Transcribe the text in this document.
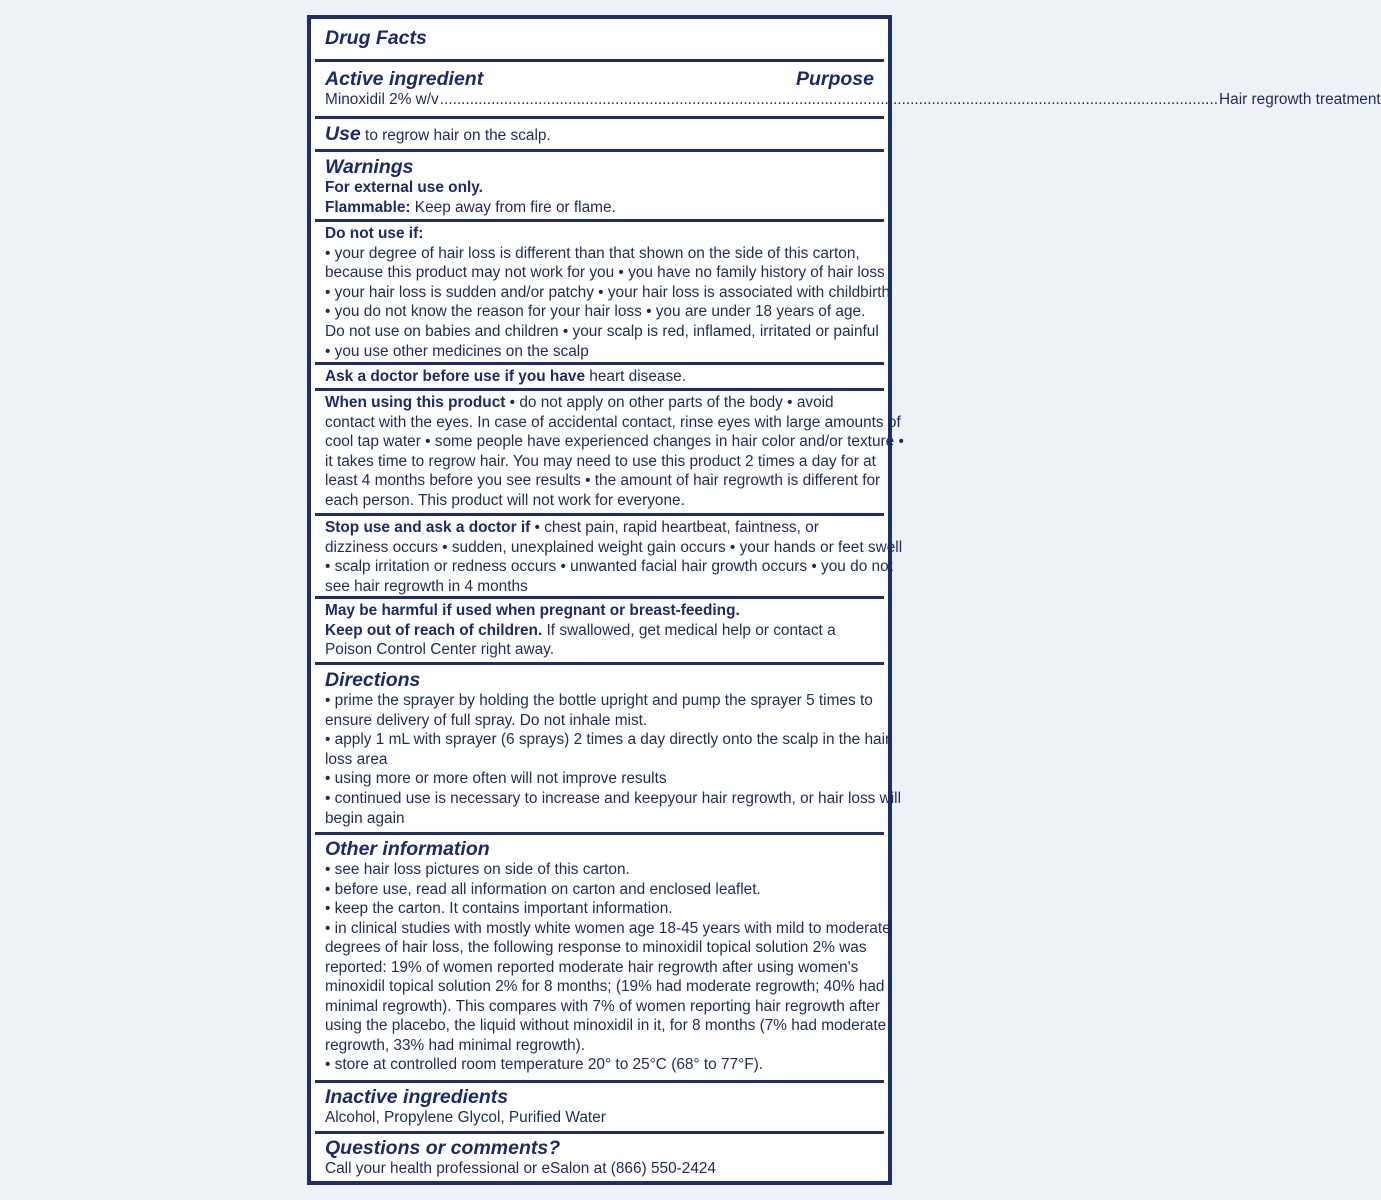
Drug Facts
Active ingredient	Purpose
Minoxidil 2% w/v ...................................................................................................................................................................................... Hair regrowth treatment
Use to regrow hair on the scalp.
Warnings
For external use only.
Flammable: Keep away from fire or flame.
Do not use if:
• your degree of hair loss is different than that shown on the side of this carton,
because this product may not work for you • you have no family history of hair loss
• your hair loss is sudden and/or patchy • your hair loss is associated with childbirth
• you do not know the reason for your hair loss • you are under 18 years of age.
Do not use on babies and children • your scalp is red, inflamed, irritated or painful
• you use other medicines on the scalp
Ask a doctor before use if you have heart disease.
When using this product • do not apply on other parts of the body • avoid
contact with the eyes. In case of accidental contact, rinse eyes with large amounts of
cool tap water • some people have experienced changes in hair color and/or texture •
it takes time to regrow hair. You may need to use this product 2 times a day for at
least 4 months before you see results • the amount of hair regrowth is different for
each person. This product will not work for everyone.
Stop use and ask a doctor if • chest pain, rapid heartbeat, faintness, or
dizziness occurs • sudden, unexplained weight gain occurs • your hands or feet swell
• scalp irritation or redness occurs • unwanted facial hair growth occurs • you do not
see hair regrowth in 4 months
May be harmful if used when pregnant or breast-feeding.
Keep out of reach of children. If swallowed, get medical help or contact a
Poison Control Center right away.
Directions
• prime the sprayer by holding the bottle upright and pump the sprayer 5 times to
ensure delivery of full spray. Do not inhale mist.
• apply 1 mL with sprayer (6 sprays) 2 times a day directly onto the scalp in the hair
loss area
• using more or more often will not improve results
• continued use is necessary to increase and keepyour hair regrowth, or hair loss will
begin again
Other information
• see hair loss pictures on side of this carton.
• before use, read all information on carton and enclosed leaflet.
• keep the carton. It contains important information.
• in clinical studies with mostly white women age 18-45 years with mild to moderate
degrees of hair loss, the following response to minoxidil topical solution 2% was
reported: 19% of women reported moderate hair regrowth after using women's
minoxidil topical solution 2% for 8 months; (19% had moderate regrowth; 40% had
minimal regrowth). This compares with 7% of women reporting hair regrowth after
using the placebo, the liquid without minoxidil in it, for 8 months (7% had moderate
regrowth, 33% had minimal regrowth).
• store at controlled room temperature 20° to 25°C (68° to 77°F).
Inactive ingredients
Alcohol, Propylene Glycol, Purified Water
Questions or comments?
Call your health professional or eSalon at (866) 550-2424
